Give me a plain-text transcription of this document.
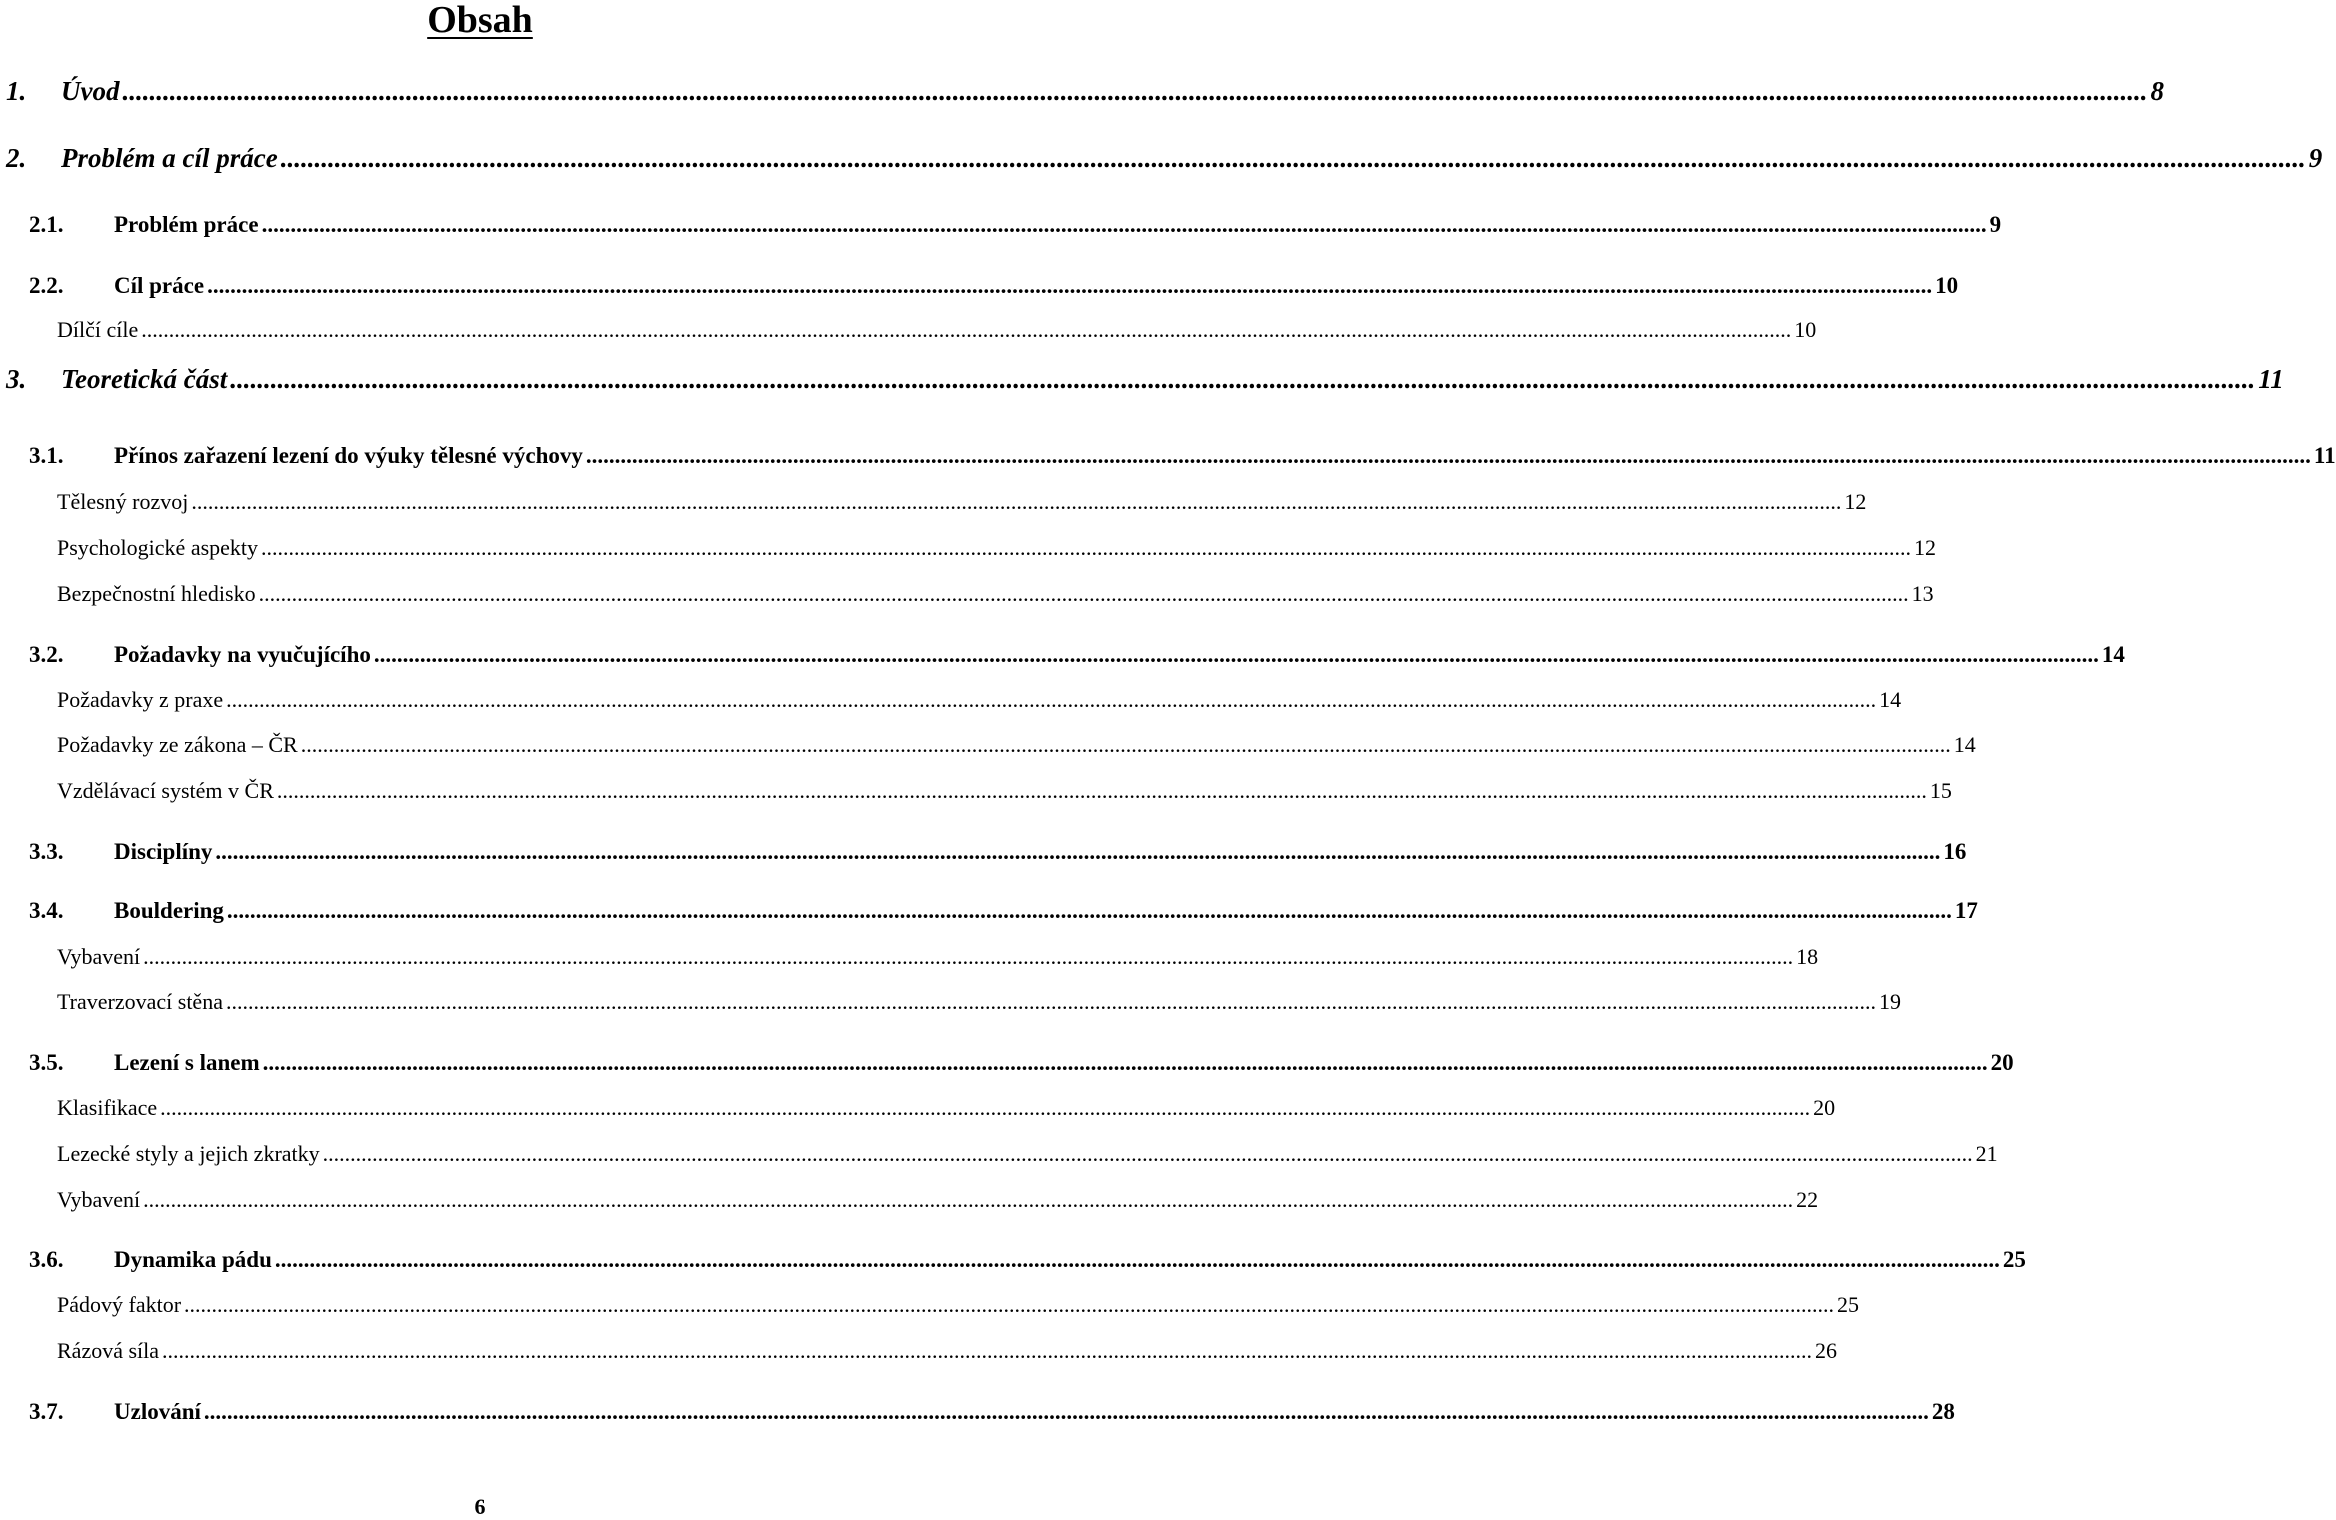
Obsah
1. Úvod ............................................................................................................................................................................................................................................................................................................ 8
2. Problém a cíl práce ............................................................................................................................................................................................................................................................................................................ 9
2.1. Problém práce ............................................................................................................................................................................................................................................................................................................ 9
2.2. Cíl práce ............................................................................................................................................................................................................................................................................................................ 10
Dílčí cíle ............................................................................................................................................................................................................................................................................................................ 10
3. Teoretická část ............................................................................................................................................................................................................................................................................................................ 11
3.1. Přínos zařazení lezení do výuky tělesné výchovy ............................................................................................................................................................................................................................................................................................................ 11
Tělesný rozvoj ............................................................................................................................................................................................................................................................................................................ 12
Psychologické aspekty ............................................................................................................................................................................................................................................................................................................ 12
Bezpečnostní hledisko ............................................................................................................................................................................................................................................................................................................ 13
3.2. Požadavky na vyučujícího ............................................................................................................................................................................................................................................................................................................ 14
Požadavky z praxe ............................................................................................................................................................................................................................................................................................................ 14
Požadavky ze zákona – ČR ............................................................................................................................................................................................................................................................................................................ 14
Vzdělávací systém v ČR ............................................................................................................................................................................................................................................................................................................ 15
3.3. Disciplíny ............................................................................................................................................................................................................................................................................................................ 16
3.4. Bouldering ............................................................................................................................................................................................................................................................................................................ 17
Vybavení ............................................................................................................................................................................................................................................................................................................ 18
Traverzovací stěna ............................................................................................................................................................................................................................................................................................................ 19
3.5. Lezení s lanem ............................................................................................................................................................................................................................................................................................................ 20
Klasifikace ............................................................................................................................................................................................................................................................................................................ 20
Lezecké styly a jejich zkratky ............................................................................................................................................................................................................................................................................................................ 21
Vybavení ............................................................................................................................................................................................................................................................................................................ 22
3.6. Dynamika pádu ............................................................................................................................................................................................................................................................................................................ 25
Pádový faktor ............................................................................................................................................................................................................................................................................................................ 25
Rázová síla ............................................................................................................................................................................................................................................................................................................ 26
3.7. Uzlování ............................................................................................................................................................................................................................................................................................................ 28
6
